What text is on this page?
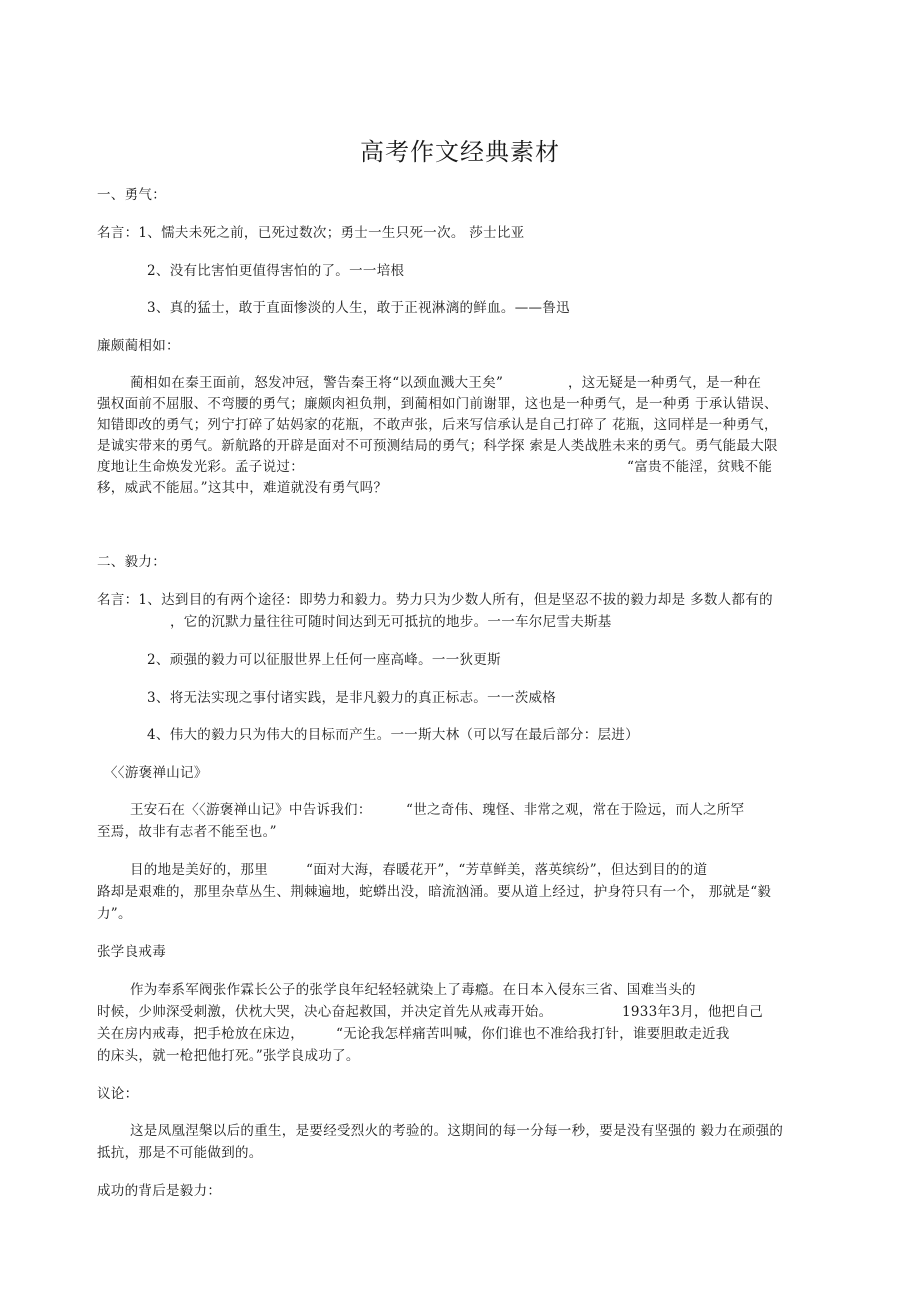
高考作文经典素材
一、勇气：
名言：1、懦夫未死之前，已死过数次；勇士一生只死一次。 莎士比亚
2、没有比害怕更值得害怕的了。一一培根
3、真的猛士，敢于直面惨淡的人生，敢于正视淋漓的鲜血。——鲁迅
廉颇蔺相如：
蔺相如在秦王面前，怒发冲冠，警告秦王将“以颈血溅大王矣”	，这无疑是一种勇气，是一种在
强权面前不屈服、不弯腰的勇气；廉颇肉袒负荆，到蔺相如门前谢罪，这也是一种勇气，是一种勇 于承认错误、
知错即改的勇气；列宁打碎了姑妈家的花瓶，不敢声张，后来写信承认是自己打碎了 花瓶，这同样是一种勇气，
是诚实带来的勇气。新航路的开辟是面对不可预测结局的勇气；科学探 索是人类战胜未来的勇气。勇气能最大限
度地让生命焕发光彩。孟子说过：	“富贵不能淫，贫贱不能
移，威武不能屈。”这其中，难道就没有勇气吗？
二、毅力：
名言：1、达到目的有两个途径：即势力和毅力。势力只为少数人所有，但是坚忍不拔的毅力却是 多数人都有的
，它的沉默力量往往可随时间达到无可抵抗的地步。一一车尔尼雪夫斯基
2、顽强的毅力可以征服世界上任何一座高峰。一一狄更斯
3、将无法实现之事付诸实践，是非凡毅力的真正标志。一一茨威格
4、伟大的毅力只为伟大的目标而产生。一一斯大林（可以写在最后部分：层进）
〈〈游褒禅山记》
王安石在〈〈游褒禅山记》中告诉我们：	“世之奇伟、瑰怪、非常之观，常在于险远，而人之所罕
至焉，故非有志者不能至也。”
目的地是美好的，那里	“面对大海，春暖花开”，“芳草鲜美，落英缤纷”，但达到目的的道
路却是艰难的，那里杂草丛生、荆棘遍地，蛇蟒出没，暗流汹涌。要从道上经过，护身符只有一个， 那就是“毅
力”。
张学良戒毒
作为奉系军阀张作霖长公子的张学良年纪轻轻就染上了毒瘾。在日本入侵东三省、国难当头的
时候，少帅深受刺激，伏枕大哭，决心奋起救国，并决定首先从戒毒开始。	1933年3月，他把自己
关在房内戒毒，把手枪放在床边， “无论我怎样痛苦叫喊，你们谁也不准给我打针，谁要胆敢走近我
的床头，就一枪把他打死。”张学良成功了。
议论：
这是凤凰涅槃以后的重生，是要经受烈火的考验的。这期间的每一分每一秒，要是没有坚强的 毅力在顽强的
抵抗，那是不可能做到的。
成功的背后是毅力：
